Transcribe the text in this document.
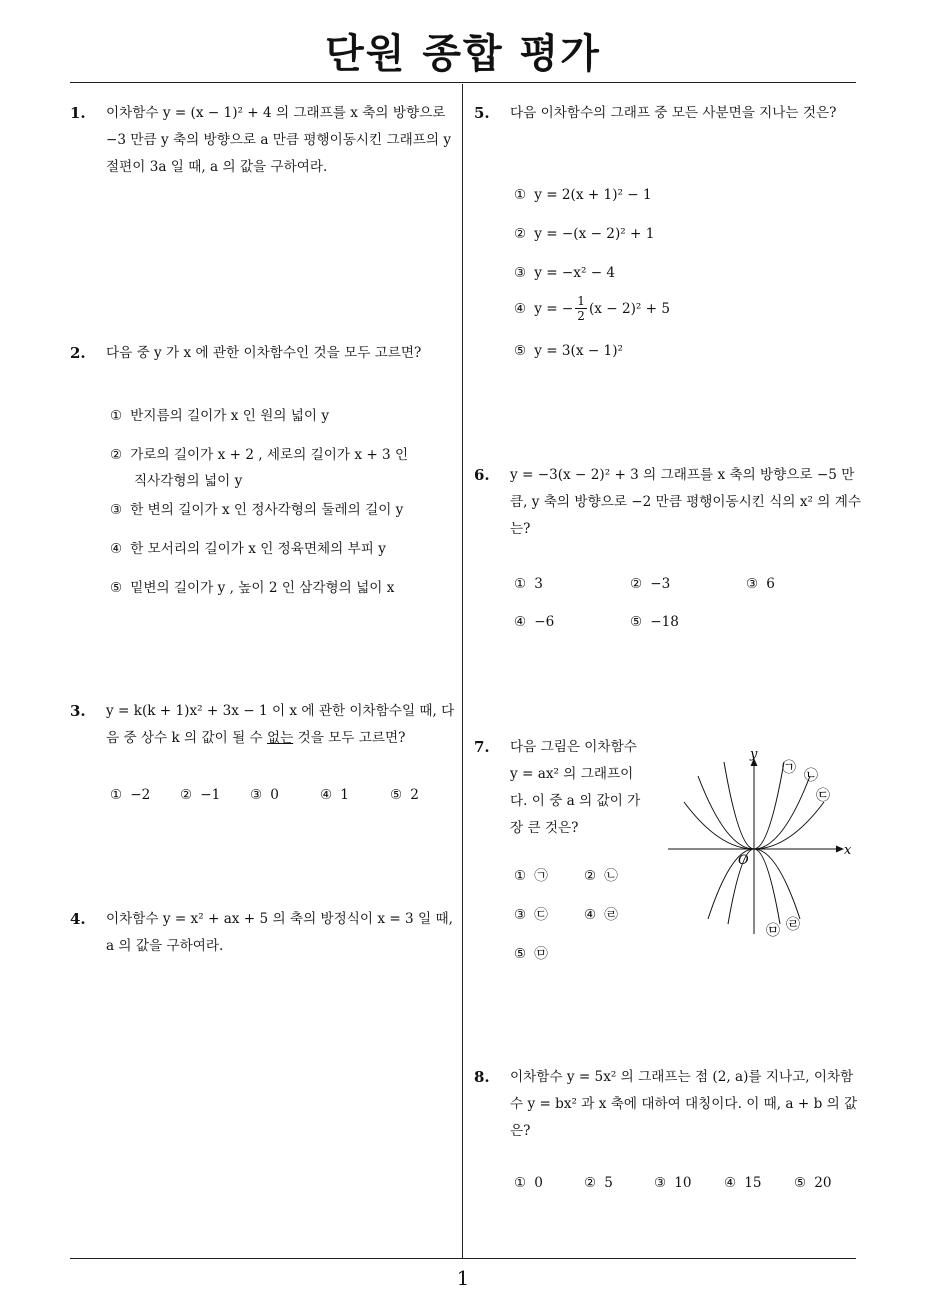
단원 종합 평가
1
1. 이차함수 y = (x − 1)² + 4 의 그래프를 x 축의 방향으로 −3 만큼 y 축의 방향으로 a 만큼 평행이동시킨 그래프의 y 절편이 3a 일 때, a 의 값을 구하여라.
2. 다음 중 y 가 x 에 관한 이차함수인 것을 모두 고르면?
① 반지름의 길이가 x 인 원의 넓이 y
② 가로의 길이가 x + 2 , 세로의 길이가 x + 3 인
직사각형의 넓이 y
③ 한 변의 길이가 x 인 정사각형의 둘레의 길이 y
④ 한 모서리의 길이가 x 인 정육면체의 부피 y
⑤ 밑변의 길이가 y , 높이 2 인 삼각형의 넓이 x
3. y = k(k + 1)x² + 3x − 1 이 x 에 관한 이차함수일 때, 다음 중 상수 k 의 값이 될 수 없는 것을 모두 고르면?
① −2 ② −1 ③ 0	④ 1	⑤ 2
4. 이차함수 y = x² + ax + 5 의 축의 방정식이 x = 3 일 때, a 의 값을 구하여라.
5. 다음 이차함수의 그래프 중 모든 사분면을 지나는 것은?
① y = 2(x + 1)² − 1
② y = −(x − 2)² + 1
③ y = −x² − 4
④ y = − $\frac{1}{2} (x - 2)^2 + 5$
⑤ y = 3(x − 1)²
6. y = −3(x − 2)² + 3 의 그래프를 x 축의 방향으로 −5 만큼, y 축의 방향으로 −2 만큼 평행이동시킨 식의 x² 의 계수는?
① 3	② −3	③ 6
④ −6	⑤ −18
7. 다음 그림은 이차함수
y = ax² 의 그래프이
다. 이 중 a 의 값이 가
장 큰 것은?
① ㉠	② ㉡
③ ㉢	④ ㉣
⑤ ㉤
x
y
O
㉠ ㉡
㉢
㉣
㉤
8. 이차함수 y = 5x² 의 그래프는 점 (2, a)를 지나고, 이차함수 y = bx² 과 x 축에 대하여 대칭이다. 이 때, a + b 의 값은?
① 0	② 5	③ 10 ④ 15 ⑤ 20
